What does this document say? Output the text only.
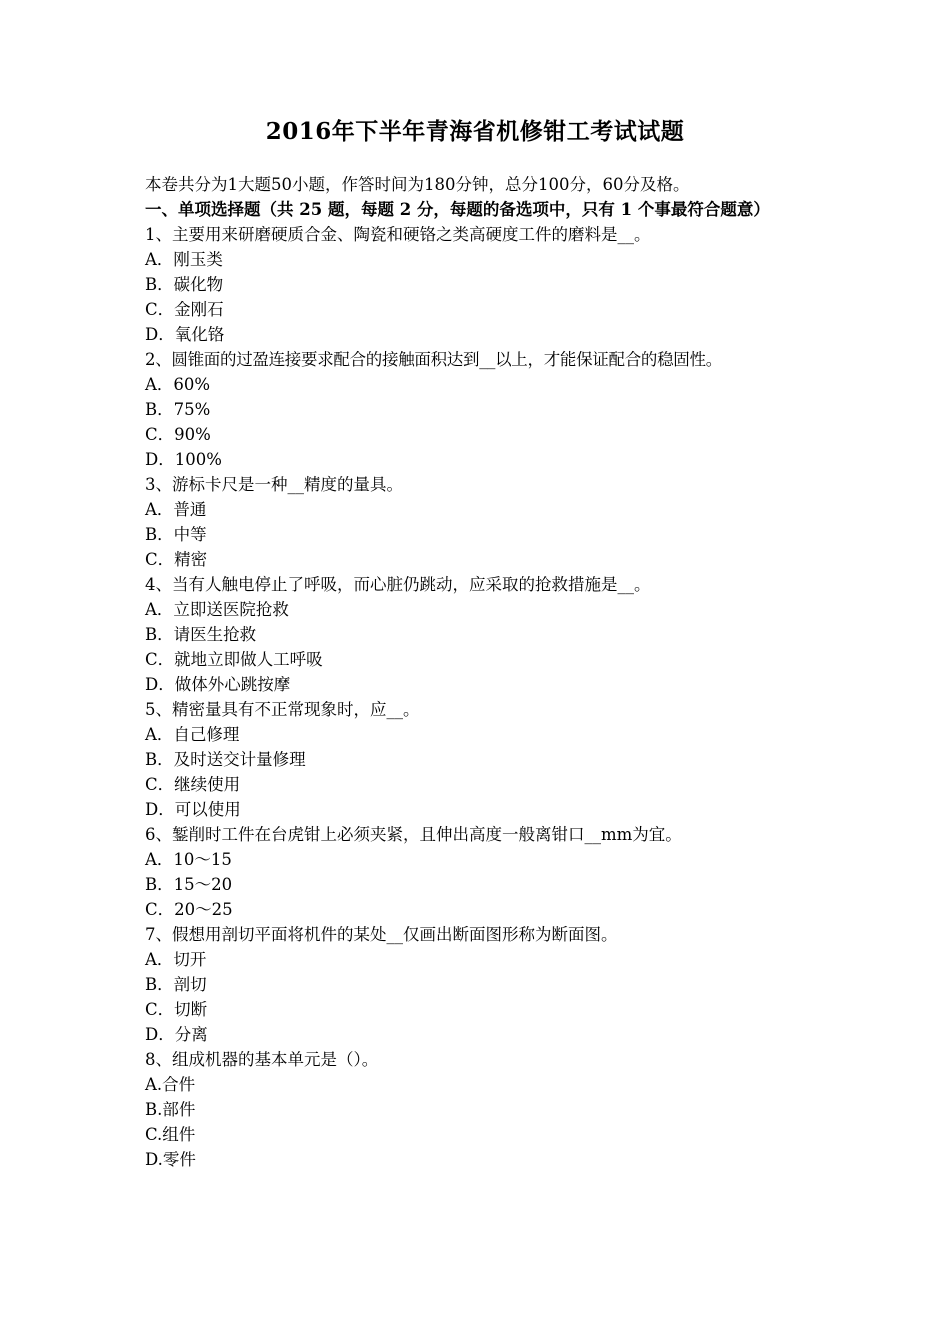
2016年下半年青海省机修钳工考试试题
本卷共分为1大题50小题，作答时间为180分钟，总分100分，60分及格。
一、单项选择题（共 25 题，每题 2 分，每题的备选项中，只有 1 个事最符合题意）
1、主要用来研磨硬质合金、陶瓷和硬铬之类高硬度工件的磨料是__。
A．刚玉类
B．碳化物
C．金刚石
D．氧化铬
2、圆锥面的过盈连接要求配合的接触面积达到__以上，才能保证配合的稳固性。
A．60%
B．75%
C．90%
D．100%
3、游标卡尺是一种__精度的量具。
A．普通
B．中等
C．精密
4、当有人触电停止了呼吸，而心脏仍跳动，应采取的抢救措施是__。
A．立即送医院抢救
B．请医生抢救
C．就地立即做人工呼吸
D．做体外心跳按摩
5、精密量具有不正常现象时，应__。
A．自己修理
B．及时送交计量修理
C．继续使用
D．可以使用
6、錾削时工件在台虎钳上必须夹紧，且伸出高度一般离钳口__mm为宜。
A．10～15
B．15～20
C．20～25
7、假想用剖切平面将机件的某处__仅画出断面图形称为断面图。
A．切开
B．剖切
C．切断
D．分离
8、组成机器的基本单元是（）。
A.合件
B.部件
C.组件
D.零件
